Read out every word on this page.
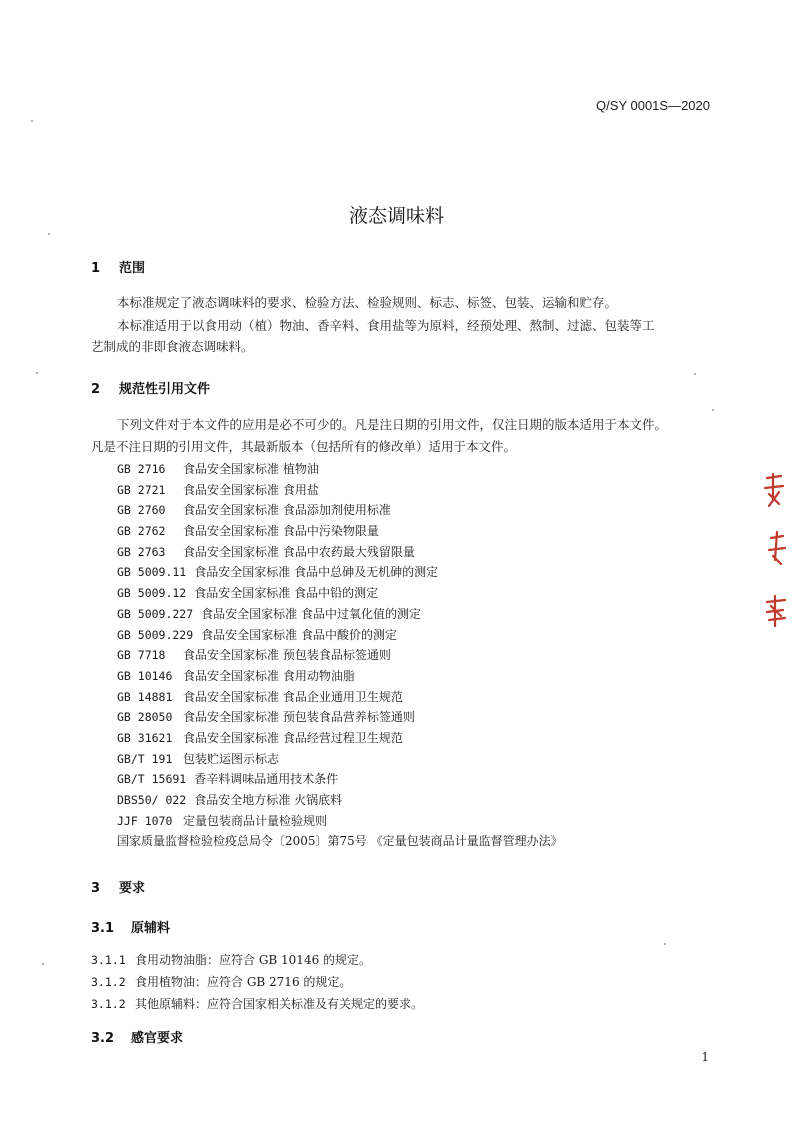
Q/SY 0001S—2020
液态调味料
1 范围
本标准规定了液态调味料的要求、检验方法、检验规则、标志、标签、包装、运输和贮存。
本标准适用于以食用动（植）物油、香辛料、食用盐等为原料，经预处理、熬制、过滤、包装等工
艺制成的非即食液态调味料。
2 规范性引用文件
下列文件对于本文件的应用是必不可少的。凡是注日期的引用文件，仅注日期的版本适用于本文件。
凡是不注日期的引用文件，其最新版本（包括所有的修改单）适用于本文件。
GB 2716 食品安全国家标准 植物油
GB 2721 食品安全国家标准 食用盐
GB 2760 食品安全国家标准 食品添加剂使用标准
GB 2762 食品安全国家标准 食品中污染物限量
GB 2763 食品安全国家标准 食品中农药最大残留限量
GB 5009.11 食品安全国家标准 食品中总砷及无机砷的测定
GB 5009.12 食品安全国家标准 食品中铅的测定
GB 5009.227 食品安全国家标准 食品中过氧化值的测定
GB 5009.229 食品安全国家标准 食品中酸价的测定
GB 7718 食品安全国家标准 预包装食品标签通则
GB 10146 食品安全国家标准 食用动物油脂
GB 14881 食品安全国家标准 食品企业通用卫生规范
GB 28050 食品安全国家标准 预包装食品营养标签通则
GB 31621 食品安全国家标准 食品经营过程卫生规范
GB/T 191 包装贮运图示标志
GB/T 15691 香辛料调味品通用技术条件
DBS50/ 022 食品安全地方标准 火锅底料
JJF 1070 定量包装商品计量检验规则
国家质量监督检验检疫总局令〔2005〕第75号 《定量包装商品计量监督管理办法》
3 要求
3.1 原辅料
3.1.1 食用动物油脂：应符合 GB 10146 的规定。
3.1.2 食用植物油：应符合 GB 2716 的规定。
3.1.2 其他原辅料：应符合国家相关标准及有关规定的要求。
3.2 感官要求
1
